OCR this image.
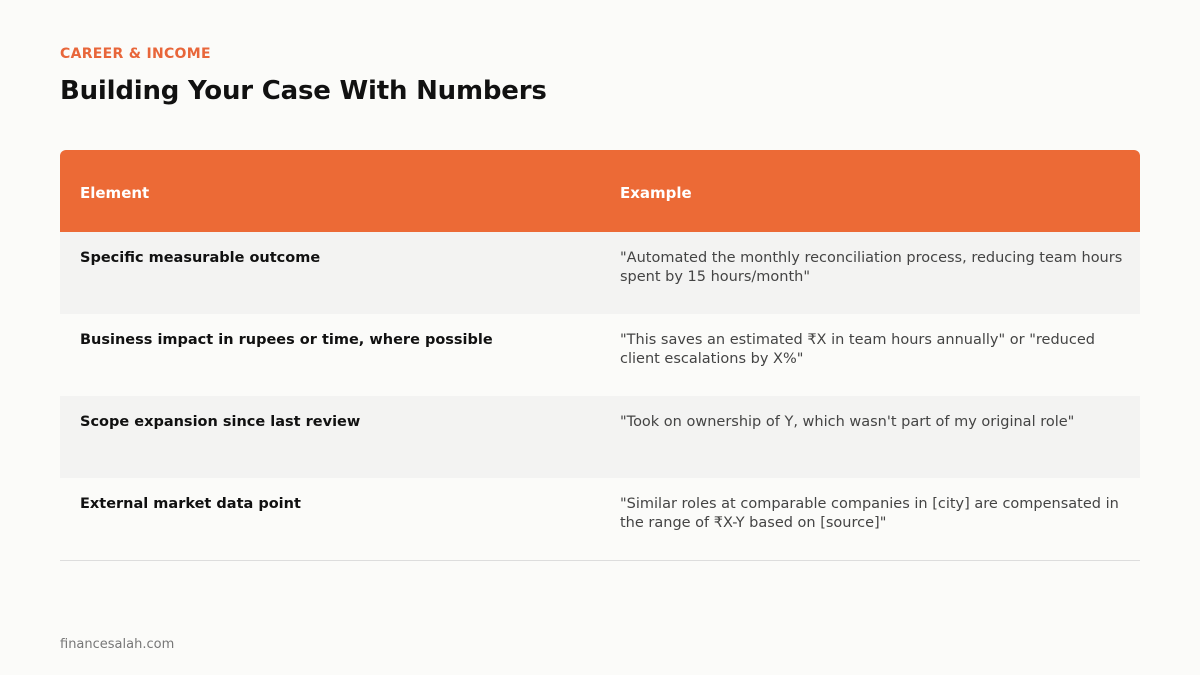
CAREER & INCOME
Building Your Case With Numbers
Element	Example
Specific measurable outcome	"Automated the monthly reconciliation process, reducing team hours spent by 15 hours/month"
Business impact in rupees or time, where possible	"This saves an estimated ₹X in team hours annually" or "reduced client escalations by X%"
Scope expansion since last review	"Took on ownership of Y, which wasn't part of my original role"
External market data point	"Similar roles at comparable companies in [city] are compensated in the range of ₹X-Y based on [source]"
financesalah.com
